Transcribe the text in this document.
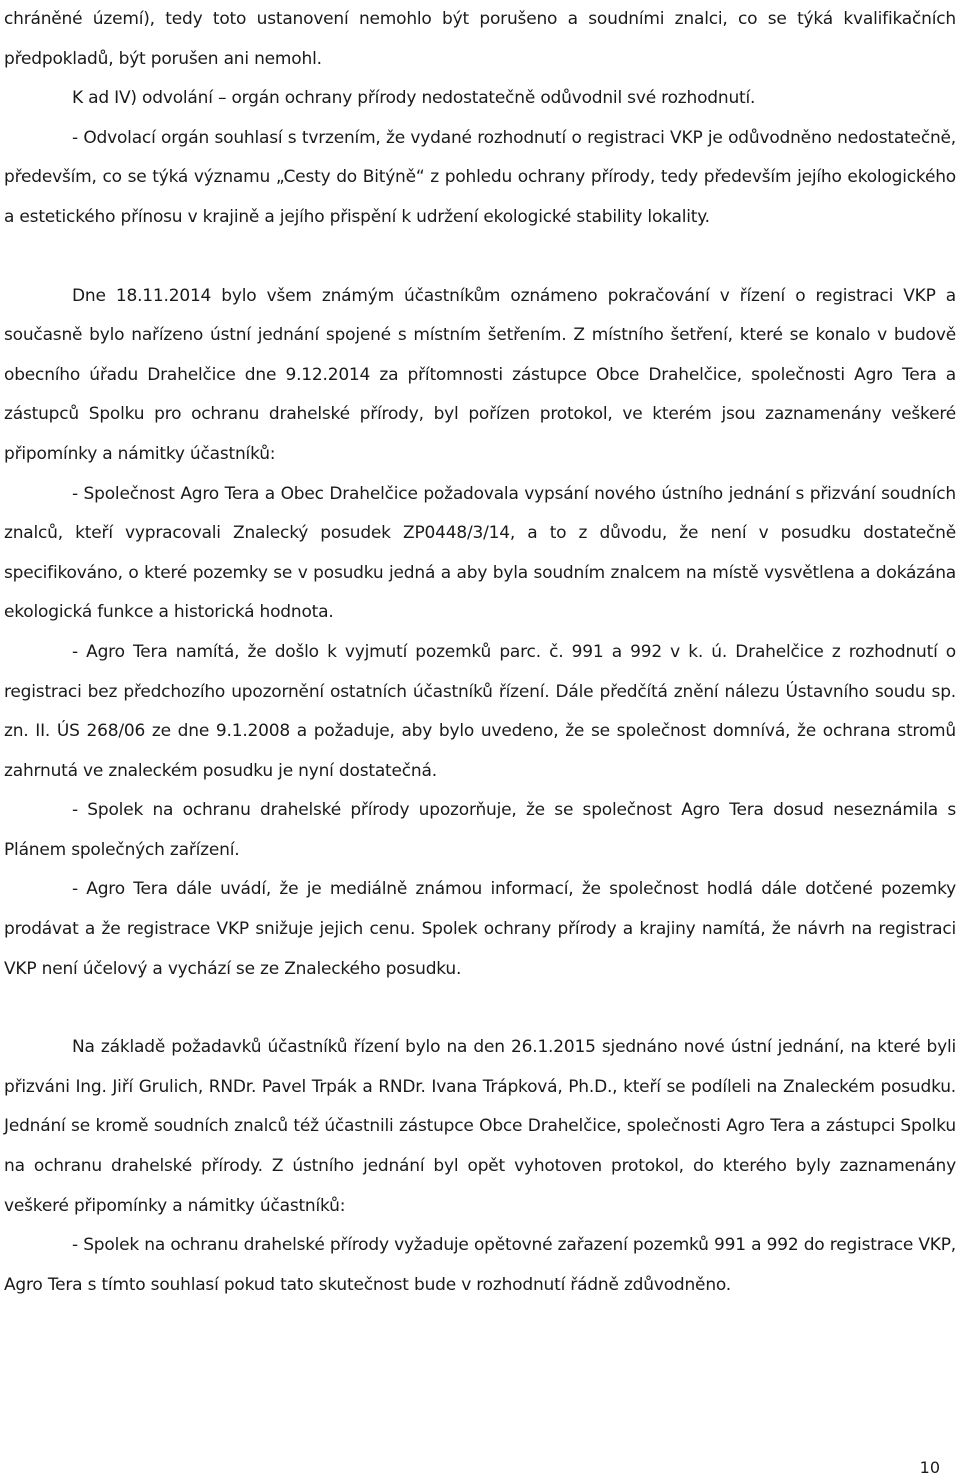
chráněné území), tedy toto ustanovení nemohlo být porušeno a soudními znalci, co se týká kvalifikačních předpokladů, být porušen ani nemohl.

K ad IV) odvolání – orgán ochrany přírody nedostatečně odůvodnil své rozhodnutí.

- Odvolací orgán souhlasí s tvrzením, že vydané rozhodnutí o registraci VKP je odůvodněno nedostatečně, především, co se týká významu „Cesty do Bitýně“ z pohledu ochrany přírody, tedy především jejího ekologického a estetického přínosu v krajině a jejího přispění k udržení ekologické stability lokality.

Dne 18.11.2014 bylo všem známým účastníkům oznámeno pokračování v řízení o registraci VKP a současně bylo nařízeno ústní jednání spojené s místním šetřením. Z místního šetření, které se konalo v budově obecního úřadu Drahelčice dne 9.12.2014 za přítomnosti zástupce Obce Drahelčice, společnosti Agro Tera a zástupců Spolku pro ochranu drahelské přírody, byl pořízen protokol, ve kterém jsou zaznamenány veškeré připomínky a námitky účastníků:

- Společnost Agro Tera a Obec Drahelčice požadovala vypsání nového ústního jednání s přizvání soudních znalců, kteří vypracovali Znalecký posudek ZP0448/3/14, a to z důvodu, že není v posudku dostatečně specifikováno, o které pozemky se v posudku jedná a aby byla soudním znalcem na místě vysvětlena a dokázána ekologická funkce a historická hodnota.

- Agro Tera namítá, že došlo k vyjmutí pozemků parc. č. 991 a 992 v k. ú. Drahelčice z rozhodnutí o registraci bez předchozího upozornění ostatních účastníků řízení. Dále předčítá znění nálezu Ústavního soudu sp. zn. II. ÚS 268/06 ze dne 9.1.2008 a požaduje, aby bylo uvedeno, že se společnost domnívá, že ochrana stromů zahrnutá ve znaleckém posudku je nyní dostatečná.

- Spolek na ochranu drahelské přírody upozorňuje, že se společnost Agro Tera dosud neseznámila s Plánem společných zařízení.

- Agro Tera dále uvádí, že je mediálně známou informací, že společnost hodlá dále dotčené pozemky prodávat a že registrace VKP snižuje jejich cenu. Spolek ochrany přírody a krajiny namítá, že návrh na registraci VKP není účelový a vychází se ze Znaleckého posudku.

Na základě požadavků účastníků řízení bylo na den 26.1.2015 sjednáno nové ústní jednání, na které byli přizváni Ing. Jiří Grulich, RNDr. Pavel Trpák a RNDr. Ivana Trápková, Ph.D., kteří se podíleli na Znaleckém posudku. Jednání se kromě soudních znalců též účastnili zástupce Obce Drahelčice, společnosti Agro Tera a zástupci Spolku na ochranu drahelské přírody. Z ústního jednání byl opět vyhotoven protokol, do kterého byly zaznamenány veškeré připomínky a námitky účastníků:

- Spolek na ochranu drahelské přírody vyžaduje opětovné zařazení pozemků 991 a 992 do registrace VKP, Agro Tera s tímto souhlasí pokud tato skutečnost bude v rozhodnutí řádně zdůvodněno.

10
